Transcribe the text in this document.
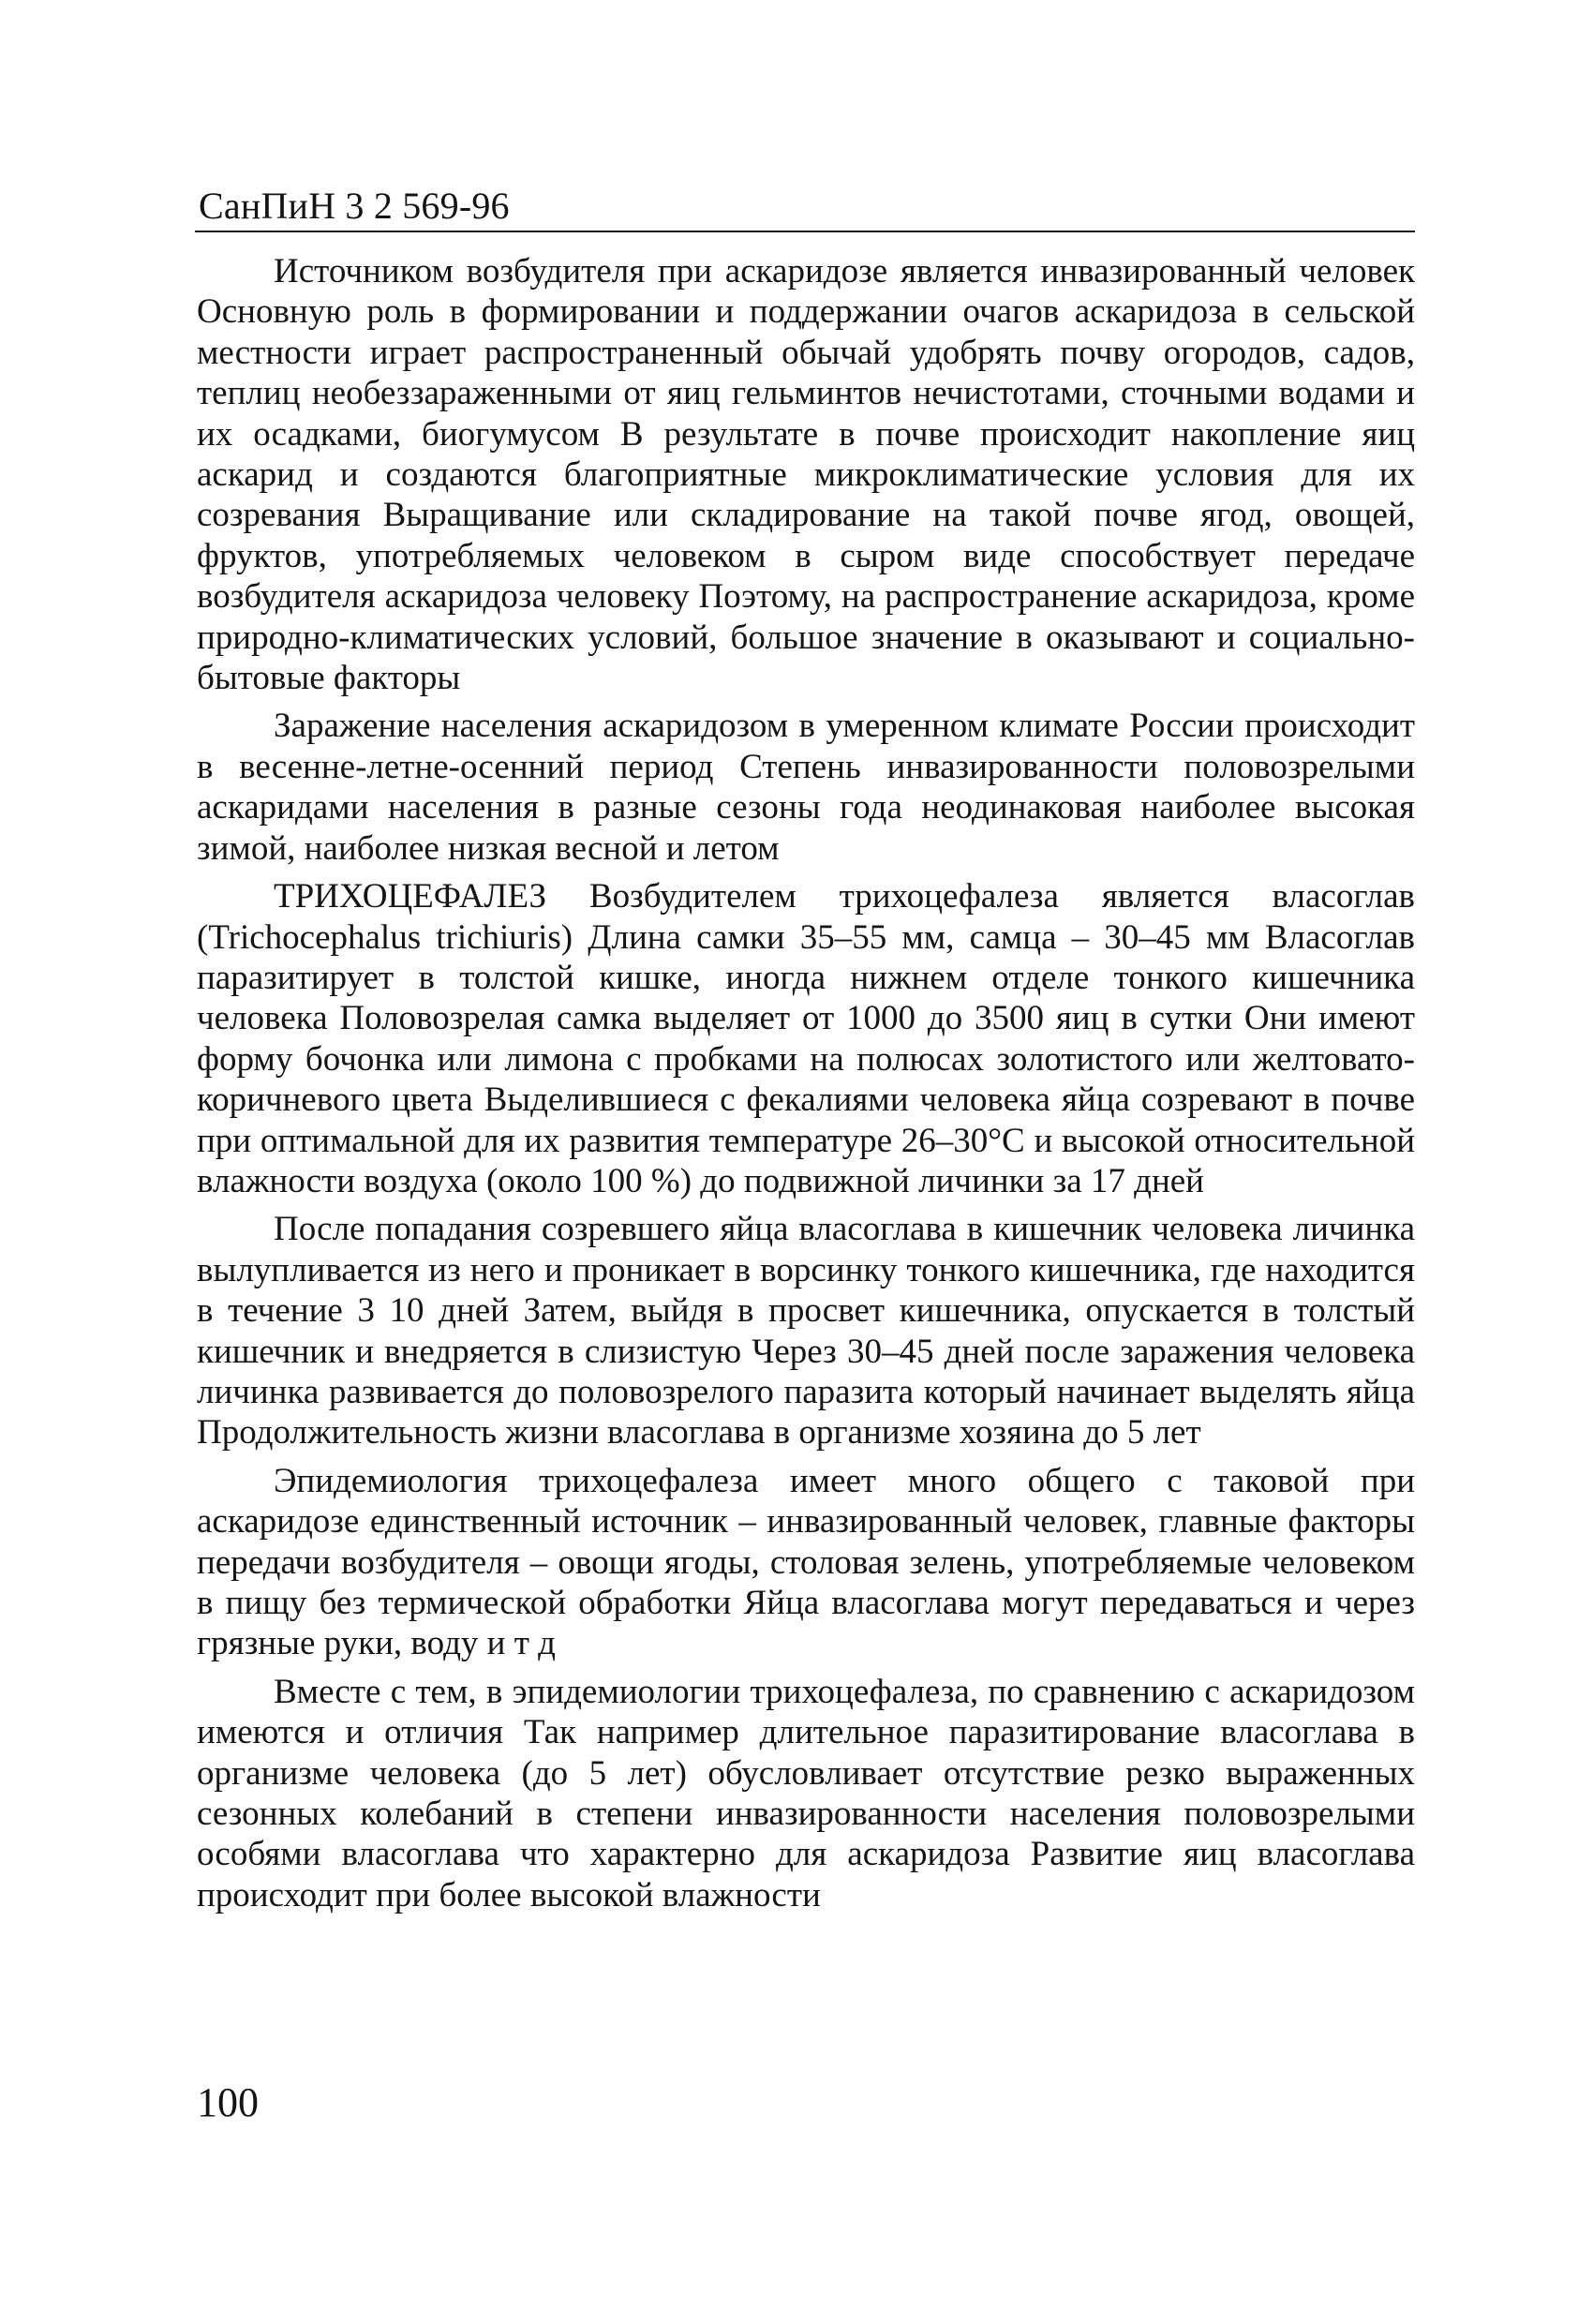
СанПиН 3 2 569-96

Источником возбудителя при аскаридозе является инвазированный человек Основную роль в формировании и поддержании очагов аскаридоза в сельской местности играет распространенный обычай удобрять почву огородов, садов, теплиц необеззараженными от яиц гельминтов нечистотами, сточными водами и их осадками, биогумусом В результате в почве происходит накопление яиц аскарид и создаются благоприятные микроклиматические условия для их созревания Выращивание или складирование на такой почве ягод, овощей, фруктов, употребляемых человеком в сыром виде способствует передаче возбудителя аскаридоза человеку Поэтому, на распространение аскаридоза, кроме природно-климатических условий, большое значение в оказывают и социально-бытовые факторы

Заражение населения аскаридозом в умеренном климате России происходит в весенне-летне-осенний период Степень инвазированности половозрелыми аскаридами населения в разные сезоны года неодинаковая наиболее высокая зимой, наиболее низкая весной и летом

ТРИХОЦЕФАЛЕЗ Возбудителем трихоцефалеза является власоглав (Trichocephalus trichiuris) Длина самки 35–55 мм, самца – 30–45 мм Власоглав паразитирует в толстой кишке, иногда нижнем отделе тонкого кишечника человека Половозрелая самка выделяет от 1000 до 3500 яиц в сутки Они имеют форму бочонка или лимона с пробками на полюсах золотистого или желтовато-коричневого цвета Выделившиеся с фекалиями человека яйца созревают в почве при оптимальной для их развития температуре 26–30°С и высокой относительной влажности воздуха (около 100 %) до подвижной личинки за 17 дней

После попадания созревшего яйца власоглава в кишечник человека личинка вылупливается из него и проникает в ворсинку тонкого кишечника, где находится в течение 3 10 дней Затем, выйдя в просвет кишечника, опускается в толстый кишечник и внедряется в слизистую Через 30–45 дней после заражения человека личинка развивается до половозрелого паразита который начинает выделять яйца Продолжительность жизни власоглава в организме хозяина до 5 лет

Эпидемиология трихоцефалеза имеет много общего с таковой при аскаридозе единственный источник – инвазированный человек, главные факторы передачи возбудителя – овощи ягоды, столовая зелень, употребляемые человеком в пищу без термической обработки Яйца власоглава могут передаваться и через грязные руки, воду и т д

Вместе с тем, в эпидемиологии трихоцефалеза, по сравнению с аскаридозом имеются и отличия Так например длительное паразитирование власоглава в организме человека (до 5 лет) обусловливает отсутствие резко выраженных сезонных колебаний в степени инвазированности населения половозрелыми особями власоглава что характерно для аскаридоза Развитие яиц власоглава происходит при более высокой влажности

100
